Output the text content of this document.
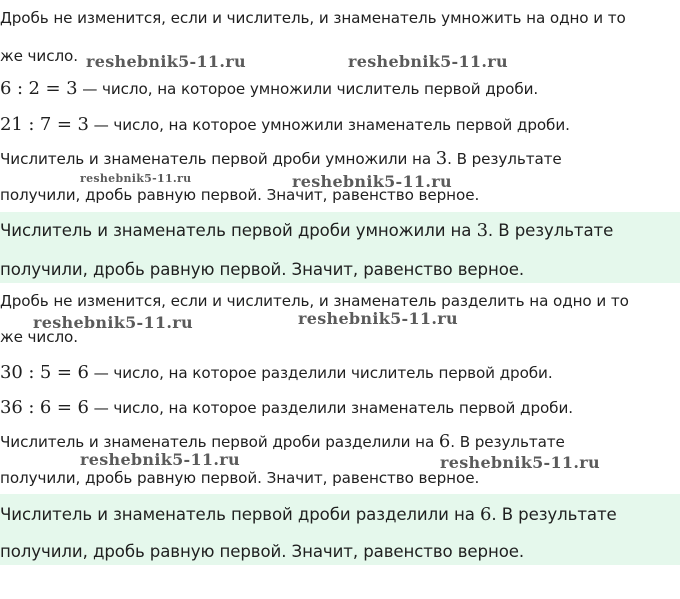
Дробь не изменится, если и числитель, и знаменатель умножить на одно и то
же число.
6 : 2 = 3 — число, на которое умножили числитель первой дроби.
21 : 7 = 3 — число, на которое умножили знаменатель первой дроби.
Числитель и знаменатель первой дроби умножили на 3. В результате
получили, дробь равную первой. Значит, равенство верное.
Числитель и знаменатель первой дроби умножили на 3. В результате
получили, дробь равную первой. Значит, равенство верное.
Дробь не изменится, если и числитель, и знаменатель разделить на одно и то
же число.
30 : 5 = 6 — число, на которое разделили числитель первой дроби.
36 : 6 = 6 — число, на которое разделили знаменатель первой дроби.
Числитель и знаменатель первой дроби разделили на 6. В результате
получили, дробь равную первой. Значит, равенство верное.
Числитель и знаменатель первой дроби разделили на 6. В результате
получили, дробь равную первой. Значит, равенство верное.
reshebnik5-11.ru	reshebnik5-11.ru
reshebnik5-11.ru	reshebnik5-11.ru
reshebnik5-11.ru	reshebnik5-11.ru
reshebnik5-11.ru	reshebnik5-11.ru
